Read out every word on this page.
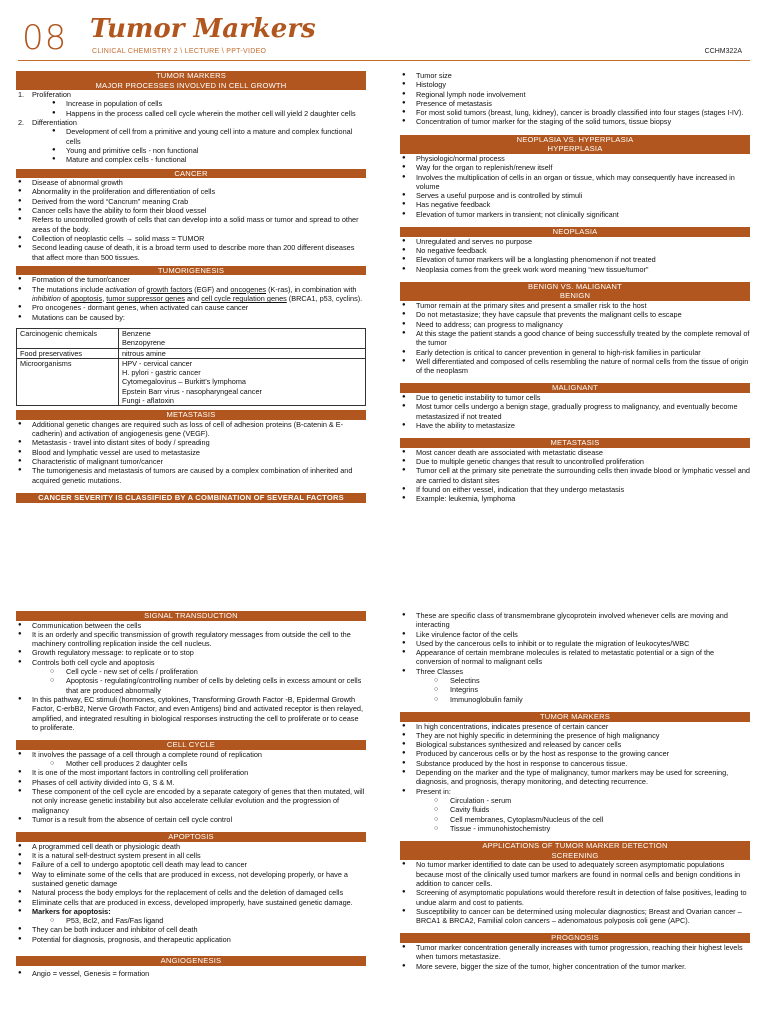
08 Tumor Markers
CLINICAL CHEMISTRY 2 \ LECTURE \ PPT-VIDEO	CCHM322A
TUMOR MARKERS
MAJOR PROCESSES INVOLVED IN CELL GROWTH
1. Proliferation
● Increase in population of cells
● Happens in the process called cell cycle wherein the mother cell will yield 2 daughter cells
2. Differentiation
● Development of cell from a primitive and young cell into a mature and complex functional cells
● Young and primitive cells - non functional
● Mature and complex cells - functional
CANCER
● Disease of abnormal growth
● Abnormality in the proliferation and differentiation of cells
● Derived from the word “Cancrum” meaning Crab
● Cancer cells have the ability to form their blood vessel
● Refers to uncontrolled growth of cells that can develop into a solid mass or tumor and spread to other areas of the body.
● Collection of neoplastic cells → solid mass = TUMOR
● Second leading cause of death, it is a broad term used to describe more than 200 different diseases that affect more than 500 tissues.
TUMORIGENESIS
● Formation of the tumor/cancer
● The mutations include activation of growth factors (EGF) and oncogenes (K-ras), in combination with inhibition of apoptosis, tumor suppressor genes and cell cycle regulation genes (BRCA1, p53, cyclins).
● Pro oncogenes - dormant genes, when activated can cause cancer
● Mutations can be caused by:
Carcinogenic chemicals	Benzene
Benzopyrene

Food preservatives	nitrous amine

Microorganisms	HPV - cervical cancer
H. pylori - gastric cancer
Cytomegalovirus – Burkitt’s lymphoma
Epstein Barr virus - nasopharyngeal cancer
Fungi - aflatoxin
METASTASIS
● Additional genetic changes are required such as loss of cell of adhesion proteins (B-catenin & E-cadherin) and activation of angiogenesis gene (VEGF).
● Metastasis - travel into distant sites of body / spreading
● Blood and lymphatic vessel are used to metastasize
● Characteristic of malignant tumor/cancer
● The tumorigenesis and metastasis of tumors are caused by a complex combination of inherited and acquired genetic mutations.
CANCER SEVERITY IS CLASSIFIED BY A COMBINATION OF SEVERAL FACTORS
● Tumor size
● Histology
● Regional lymph node involvement
● Presence of metastasis
● For most solid tumors (breast, lung, kidney), cancer is broadly classified into four stages (stages I-IV).
● Concentration of tumor marker for the staging of the solid tumors, tissue biopsy
NEOPLASIA VS. HYPERPLASIA
HYPERPLASIA
● Physiologic/normal process
● Way for the organ to replenish/renew itself
● Involves the multiplication of cells in an organ or tissue, which may consequently have increased in volume
● Serves a useful purpose and is controlled by stimuli
● Has negative feedback
● Elevation of tumor markers in transient; not clinically significant
NEOPLASIA
● Unregulated and serves no purpose
● No negative feedback
● Elevation of tumor markers will be a longlasting phenomenon if not treated
● Neoplasia comes from the greek work word meaning “new tissue/tumor”
BENIGN VS. MALIGNANT
BENIGN
● Tumor remain at the primary sites and present a smaller risk to the host
● Do not metastasize; they have capsule that prevents the malignant cells to escape
● Need to address; can progress to malignancy
● At this stage the patient stands a good chance of being successfully treated by the complete removal of the tumor
● Early detection is critical to cancer prevention in general to high-risk families in particular
● Well differentiated and composed of cells resembling the nature of normal cells from the tissue of origin of the neoplasm
MALIGNANT
● Due to genetic instability to tumor cells
● Most tumor cells undergo a benign stage, gradually progress to malignancy, and eventually become metastasized if not treated
● Have the ability to metastasize
METASTASIS
● Most cancer death are associated with metastatic disease
● Due to multiple genetic changes that result to uncontrolled proliferation
● Tumor cell at the primary site penetrate the surrounding cells then invade blood or lymphatic vessel and are carried to distant sites
● If found on either vessel, indication that they undergo metastasis
● Example: leukemia, lymphoma
SIGNAL TRANSDUCTION
● Communication between the cells
● It is an orderly and specific transmission of growth regulatory messages from outside the cell to the machinery controlling replication inside the cell nucleus.
● Growth regulatory message: to replicate or to stop
● Controls both cell cycle and apoptosis
○ Cell cycle - new set of cells / proliferation
○ Apoptosis - regulating/controlling number of cells by deleting cells in excess amount or cells that are produced abnormally
● In this pathway, EC stimuli (hormones, cytokines, Transforming Growth Factor -B, Epidermal Growth Factor, C-erbB2, Nerve Growth Factor, and even Antigens) bind and activated receptor is then relayed, amplified, and integrated resulting in biological responses instructing the cell to proliferate or to cease to proliferate.
CELL CYCLE
● It involves the passage of a cell through a complete round of replication
○ Mother cell produces 2 daughter cells
● It is one of the most important factors in controlling cell proliferation
● Phases of cell activity divided into G, S & M.
● These component of the cell cycle are encoded by a separate category of genes that then mutated, will not only increase genetic instability but also accelerate cellular evolution and the progression of malignancy
● Tumor is a result from the absence of certain cell cycle control
APOPTOSIS
● A programmed cell death or physiologic death
● It is a natural self-destruct system present in all cells
● Failure of a cell to undergo apoptotic cell death may lead to cancer
● Way to eliminate some of the cells that are produced in excess, not developing properly, or have a sustained genetic damage
● Natural process the body employs for the replacement of cells and the deletion of damaged cells
● Eliminate cells that are produced in excess, developed improperly, have sustained genetic damage.
● Markers for apoptosis:
○ P53, Bcl2, and Fas/Fas ligand
● They can be both inducer and inhibitor of cell death
● Potential for diagnosis, prognosis, and therapeutic application
ANGIOGENESIS
● Angio = vessel, Genesis = formation
● These are specific class of transmembrane glycoprotein involved whenever cells are moving and interacting
● Like virulence factor of the cells
● Used by the cancerous cells to inhibit or to regulate the migration of leukocytes/WBC
● Appearance of certain membrane molecules is related to metastatic potential or a sign of the conversion of normal to malignant cells
● Three Classes
○ Selectins
○ Integrins
○ Immunoglobulin family
TUMOR MARKERS
● In high concentrations, indicates presence of certain cancer
● They are not highly specific in determining the presence of high malignancy
● Biological substances synthesized and released by cancer cells
● Produced by cancerous cells or by the host as response to the growing cancer
● Substance produced by the host in response to cancerous tissue.
● Depending on the marker and the type of malignancy, tumor markers may be used for screening, diagnosis, and prognosis, therapy monitoring, and detecting recurrence.
● Present in:
○ Circulation - serum
○ Cavity fluids
○ Cell membranes, Cytoplasm/Nucleus of the cell
○ Tissue - immunohistochemistry
APPLICATIONS OF TUMOR MARKER DETECTION
SCREENING
● No tumor marker identified to date can be used to adequately screen asymptomatic populations because most of the clinically used tumor markers are found in normal cells and benign conditions in addition to cancer cells.
● Screening of asymptomatic populations would therefore result in detection of false positives, leading to undue alarm and cost to patients.
● Susceptibility to cancer can be determined using molecular diagnostics; Breast and Ovarian cancer – BRCA1 & BRCA2, Familial colon cancers – adenomatous polyposis coli gene (APC).
PROGNOSIS
● Tumor marker concentration generally increases with tumor progression, reaching their highest levels when tumors metastasize.
● More severe, bigger the size of the tumor, higher concentration of the tumor marker.
